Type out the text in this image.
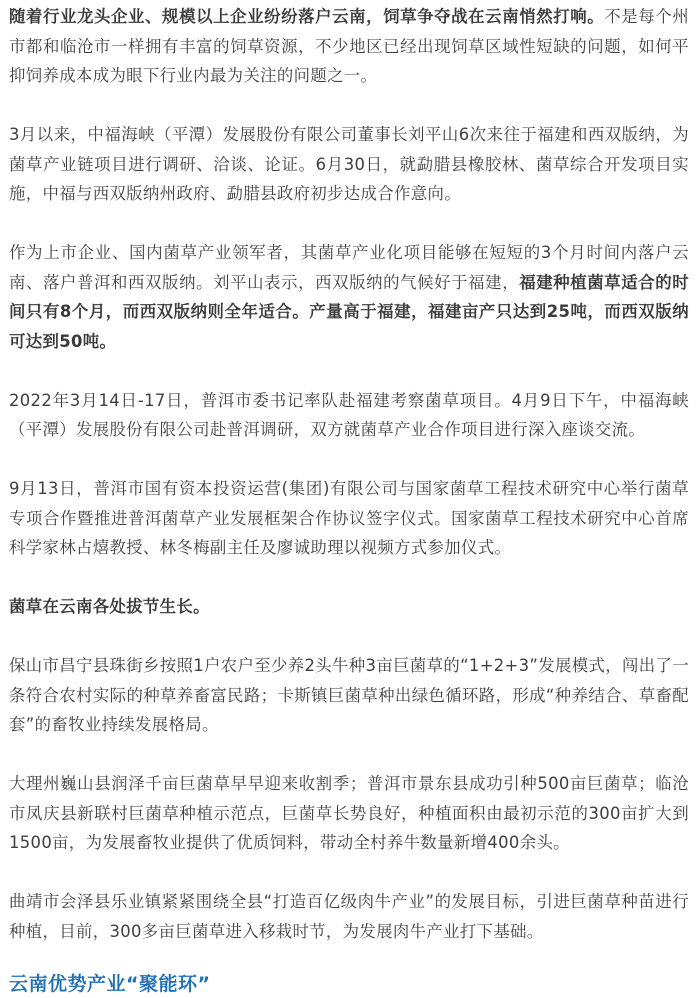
随着行业龙头企业、规模以上企业纷纷落户云南，饲草争夺战在云南悄然打响。不是每个州市都和临沧市一样拥有丰富的饲草资源，不少地区已经出现饲草区域性短缺的问题，如何平抑饲养成本成为眼下行业内最为关注的问题之一。

3月以来，中福海峡（平潭）发展股份有限公司董事长刘平山6次来往于福建和西双版纳，为菌草产业链项目进行调研、洽谈、论证。6月30日，就勐腊县橡胶林、菌草综合开发项目实施，中福与西双版纳州政府、勐腊县政府初步达成合作意向。

作为上市企业、国内菌草产业领军者，其菌草产业化项目能够在短短的3个月时间内落户云南、落户普洱和西双版纳。刘平山表示，西双版纳的气候好于福建，福建种植菌草适合的时间只有8个月，而西双版纳则全年适合。产量高于福建，福建亩产只达到25吨，而西双版纳可达到50吨。

2022年3月14日-17日，普洱市委书记率队赴福建考察菌草项目。4月9日下午，中福海峡（平潭）发展股份有限公司赴普洱调研，双方就菌草产业合作项目进行深入座谈交流。

9月13日，普洱市国有资本投资运营(集团)有限公司与国家菌草工程技术研究中心举行菌草专项合作暨推进普洱菌草产业发展框架合作协议签字仪式。国家菌草工程技术研究中心首席科学家林占熺教授、林冬梅副主任及廖诚助理以视频方式参加仪式。

菌草在云南各处拔节生长。

保山市昌宁县珠街乡按照1户农户至少养2头牛种3亩巨菌草的“1+2+3”发展模式，闯出了一条符合农村实际的种草养畜富民路；卡斯镇巨菌草种出绿色循环路，形成“种养结合、草畜配套”的畜牧业持续发展格局。

大理州巍山县润泽千亩巨菌草早早迎来收割季；普洱市景东县成功引种500亩巨菌草；临沧市凤庆县新联村巨菌草种植示范点，巨菌草长势良好，种植面积由最初示范的300亩扩大到1500亩，为发展畜牧业提供了优质饲料，带动全村养牛数量新增400余头。

曲靖市会泽县乐业镇紧紧围绕全县“打造百亿级肉牛产业”的发展目标，引进巨菌草种苗进行种植，目前，300多亩巨菌草进入移栽时节，为发展肉牛产业打下基础。

云南优势产业“聚能环”
